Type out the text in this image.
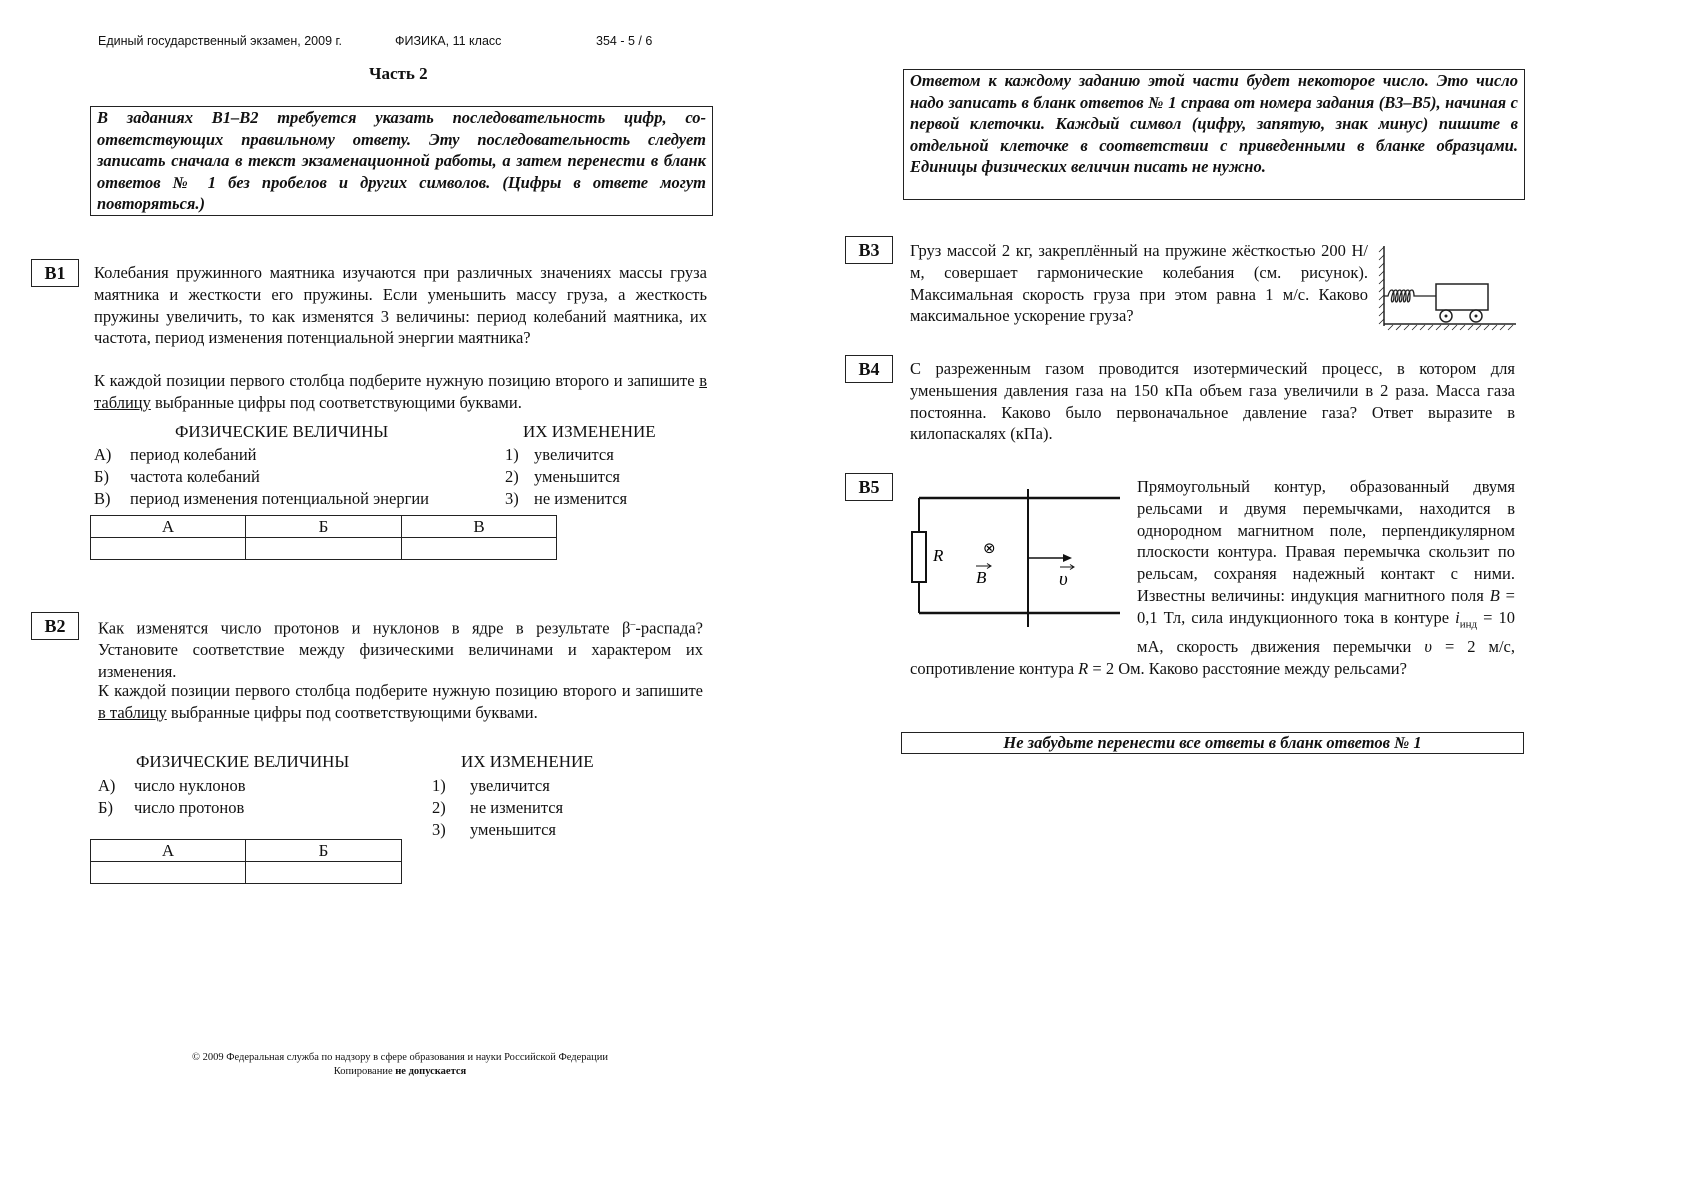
Единый государственный экзамен, 2009 г.	ФИЗИКА, 11 класс	354 - 5 / 6
Часть 2
В заданиях В1–В2 требуется указать последовательность цифр, соответствующих правильному ответу. Эту последовательность следует записать сначала в текст экзаменационной работы, а затем перенести в бланк ответов № 1 без пробелов и других символов. (Цифры в ответе могут повторяться.)
В1	Колебания пружинного маятника изучаются при различных значениях массы груза маятника и жесткости его пружины. Если уменьшить массу груза, а жесткость пружины увеличить, то как изменятся 3 величины: период колебаний маятника, их частота, период изменения потенциальной энергии маятника?
К каждой позиции первого столбца подберите нужную позицию второго и запишите в таблицу выбранные цифры под соответствующими буквами.
ФИЗИЧЕСКИЕ ВЕЛИЧИНЫ	ИХ ИЗМЕНЕНИЕ
А) период колебаний
Б) частота колебаний
В) период изменения потенциальной энергии
1) увеличится
2) уменьшится
3) не изменится
А	Б	В

В2	Как изменятся число протонов и нуклонов в ядре в результате β–-распада? Установите соответствие между физическими величинами и характером их изменения.
К каждой позиции первого столбца подберите нужную позицию второго и запишите в таблицу выбранные цифры под соответствующими буквами.
ФИЗИЧЕСКИЕ ВЕЛИЧИНЫ	ИХ ИЗМЕНЕНИЕ
А) число нуклонов
Б) число протонов
1) увеличится
2) не изменится
3) уменьшится
А	Б

© 2009 Федеральная служба по надзору в сфере образования и науки Российской Федерации
Копирование не допускается
Ответом к каждому заданию этой части будет некоторое число. Это число надо записать в бланк ответов № 1 справа от номера задания (В3–В5), начиная с первой клеточки. Каждый символ (цифру, запятую, знак минус) пишите в отдельной клеточке в соответствии с приведенными в бланке образцами. Единицы физических величин писать не нужно.
В3	Груз массой 2 кг, закреплённый на пружине жёсткостью 200 Н/м, совершает гармонические колебания (см. рисунок). Максимальная скорость груза при этом равна 1 м/с. Каково максимальное ускорение груза?
В4	С разреженным газом проводится изотермический процесс, в котором для уменьшения давления газа на 150 кПа объем газа увеличили в 2 раза. Масса газа постоянна. Каково было первоначальное давление газа? Ответ выразите в килопаскалях (кПа).
В5
R	⊗
B	υ
Прямоугольный контур, образованный двумя рельсами и двумя перемычками, находится в однородном магнитном поле, перпендикулярном плоскости контура. Правая перемычка скользит по рельсам, сохраняя надежный контакт с ними. Известны величины: индукция магнитного поля B = 0,1 Тл, сила индукционного тока в контуре $i_{инд} = 10$ мА, скорость движения перемычки υ = 2 м/с, сопротивление контура R = 2 Ом. Каково расстояние между рельсами?
Не забудьте перенести все ответы в бланк ответов № 1
